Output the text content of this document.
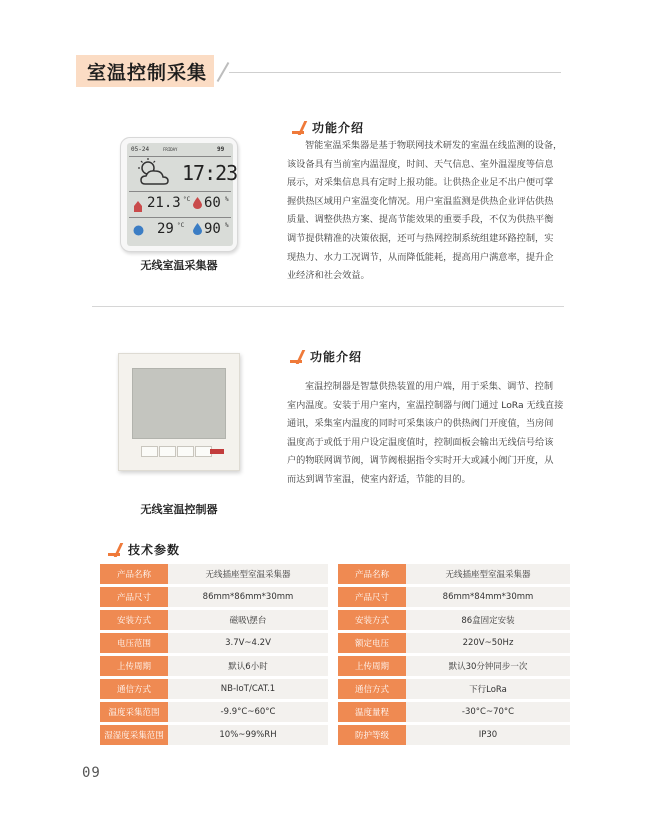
室温控制采集
05-24	FRIDAY	99
17:23
21.3 °C 60 %
29 °C 90 %
无线室温采集器
功能介绍
智能室温采集器是基于物联网技术研发的室温在线监测的设备，
该设备具有当前室内温湿度，时间、天气信息、室外温湿度等信息
展示，对采集信息具有定时上报功能。让供热企业足不出户便可掌
握供热区域用户室温变化情况。用户室温监测是供热企业评估供热
质量、调整供热方案、提高节能效果的重要手段，不仅为供热平衡
调节提供精准的决策依据，还可与热网控制系统组建环路控制，实
现热力、水力工况调节，从而降低能耗，提高用户满意率，提升企
业经济和社会效益。
无线室温控制器
功能介绍
室温控制器是智慧供热装置的用户端，用于采集、调节、控制
室内温度。安装于用户室内，室温控制器与阀门通过 LoRa 无线直接
通讯，采集室内温度的同时可采集该户的供热阀门开度值，当房间
温度高于或低于用户设定温度值时，控制面板会输出无线信号给该
户的物联网调节阀，调节阀根据指令实时开大或减小阀门开度，从
而达到调节室温，使室内舒适，节能的目的。
技术参数
产品名称	无线插座型室温采集器
产品尺寸	86mm*86mm*30mm
安装方式	磁吸\摆台
电压范围	3.7V~4.2V
上传周期	默认6小时
通信方式	NB-IoT/CAT.1
温度采集范围	-9.9°C~60°C
湿湿度采集范围	10%~99%RH
产品名称	无线插座型室温采集器
产品尺寸	86mm*84mm*30mm
安装方式	86盒固定安装
额定电压	220V~50Hz
上传周期	默认30分钟同步一次
通信方式	下行LoRa
温度量程	-30°C~70°C
防护等级	IP30
09
